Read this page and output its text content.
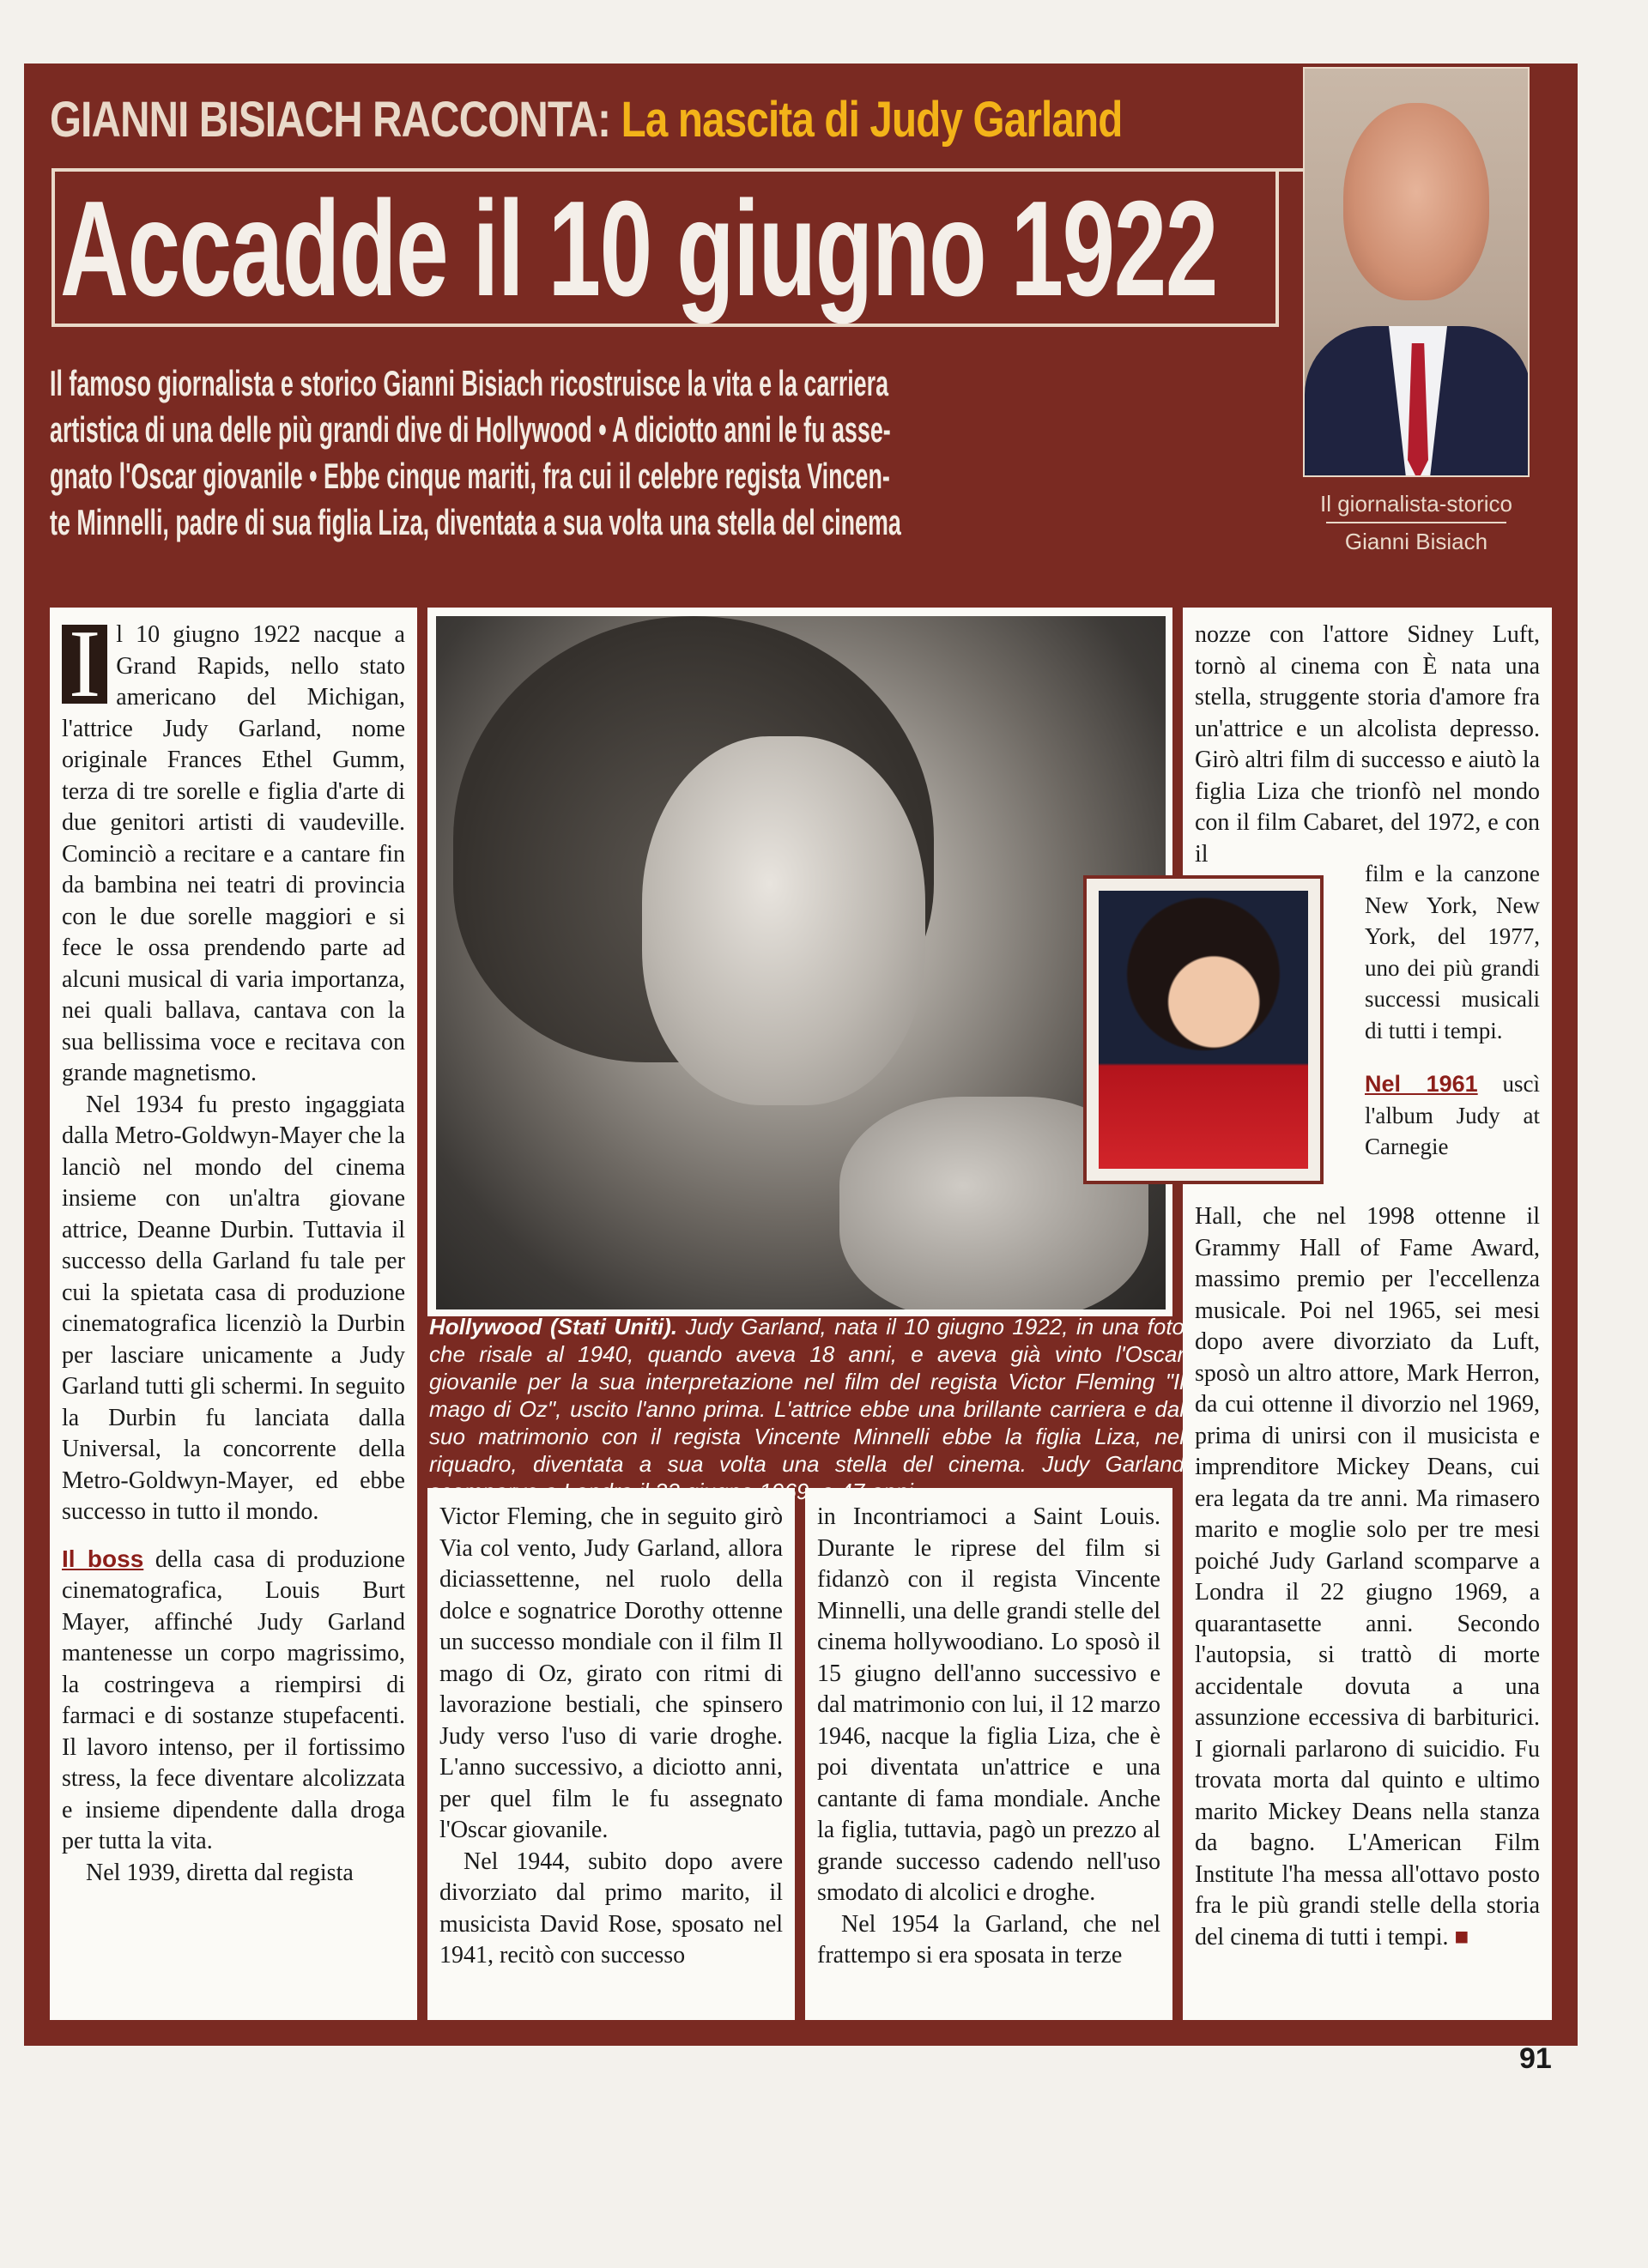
GIANNI BISIACH RACCONTA: La nascita di Judy Garland
Accadde il 10 giugno 1922
Il giornalista-storico
Gianni Bisiach
Il famoso giornalista e storico Gianni Bisiach ricostruisce la vita e la carriera
artistica di una delle più grandi dive di Hollywood • A diciotto anni le fu asse-
gnato l'Oscar giovanile • Ebbe cinque mariti, fra cui il celebre regista Vincen-
te Minnelli, padre di sua figlia Liza, diventata a sua volta una stella del cinema
Hollywood (Stati Uniti). Judy Garland, nata il 10 giugno 1922, in una foto che risale al 1940, quando aveva 18 anni, e aveva già vinto l'Oscar giovanile per la sua interpretazione nel film del regista Victor Fleming "Il mago di Oz", uscito l'anno prima. L'attrice ebbe una brillante carriera e dal suo matrimonio con il regista Vincente Minnelli ebbe la figlia Liza, nel riquadro, diventata a sua volta una stella del cinema. Judy Garland scomparve a Londra il 22 giugno 1969, a 47 anni.

I l 10 giugno 1922 nacque a Grand Rapids, nello stato americano del Michigan, l'attrice Judy Garland, nome originale Frances Ethel Gumm, terza di tre sorelle e figlia d'arte di due genitori artisti di vaudeville. Cominciò a recitare e a cantare fin da bambina nei teatri di provincia con le due sorelle maggiori e si fece le ossa prendendo parte ad alcuni musical di varia importanza, nei quali ballava, cantava con la sua bellissima voce e recitava con grande magnetismo.

Nel 1934 fu presto ingaggiata dalla Metro-Goldwyn-Mayer che la lanciò nel mondo del cinema insieme con un'altra giovane attrice, Deanne Durbin. Tuttavia il successo della Garland fu tale per cui la spietata casa di produzione cinematografica licenziò la Durbin per lasciare unicamente a Judy Garland tutti gli schermi. In seguito la Durbin fu lanciata dalla Universal, la concorrente della Metro-Goldwyn-Mayer, ed ebbe successo in tutto il mondo.

Il boss della casa di produzione cinematografica, Louis Burt Mayer, affinché Judy Garland mantenesse un corpo magrissimo, la costringeva a riempirsi di farmaci e di sostanze stupefacenti. Il lavoro intenso, per il fortissimo stress, la fece diventare alcolizzata e insieme dipendente dalla droga per tutta la vita.

Nel 1939, diretta dal regista

Victor Fleming, che in seguito girò Via col vento, Judy Garland, allora diciassettenne, nel ruolo della dolce e sognatrice Dorothy ottenne un successo mondiale con il film Il mago di Oz, girato con ritmi di lavorazione bestiali, che spinsero Judy verso l'uso di varie droghe. L'anno successivo, a diciotto anni, per quel film le fu assegnato l'Oscar giovanile.

Nel 1944, subito dopo avere divorziato dal primo marito, il musicista David Rose, sposato nel 1941, recitò con successo

in Incontriamoci a Saint Louis. Durante le riprese del film si fidanzò con il regista Vincente Minnelli, una delle grandi stelle del cinema hollywoodiano. Lo sposò il 15 giugno dell'anno successivo e dal matrimonio con lui, il 12 marzo 1946, nacque la figlia Liza, che è poi diventata un'attrice e una cantante di fama mondiale. Anche la figlia, tuttavia, pagò un prezzo al grande successo cadendo nell'uso smodato di alcolici e droghe.

Nel 1954 la Garland, che nel frattempo si era sposata in terze

nozze con l'attore Sidney Luft, tornò al cinema con È nata una stella, struggente storia d'amore fra un'attrice e un alcolista depresso. Girò altri film di successo e aiutò la figlia Liza che trionfò nel mondo con il film Cabaret, del 1972, e con il

film e la canzone New York, New York, del 1977, uno dei più grandi successi musicali di tutti i tempi.

Nel 1961 uscì l'album Judy at Carnegie

Hall, che nel 1998 ottenne il Grammy Hall of Fame Award, massimo premio per l'eccellenza musicale. Poi nel 1965, sei mesi dopo avere divorziato da Luft, sposò un altro attore, Mark Herron, da cui ottenne il divorzio nel 1969, prima di unirsi con il musicista e imprenditore Mickey Deans, cui era legata da tre anni. Ma rimasero marito e moglie solo per tre mesi poiché Judy Garland scomparve a Londra il 22 giugno 1969, a quarantasette anni. Secondo l'autopsia, si trattò di morte accidentale dovuta a una assunzione eccessiva di barbiturici. I giornali parlarono di suicidio. Fu trovata morta dal quinto e ultimo marito Mickey Deans nella stanza da bagno. L'American Film Institute l'ha messa all'ottavo posto fra le più grandi stelle della storia del cinema di tutti i tempi. ■

91
